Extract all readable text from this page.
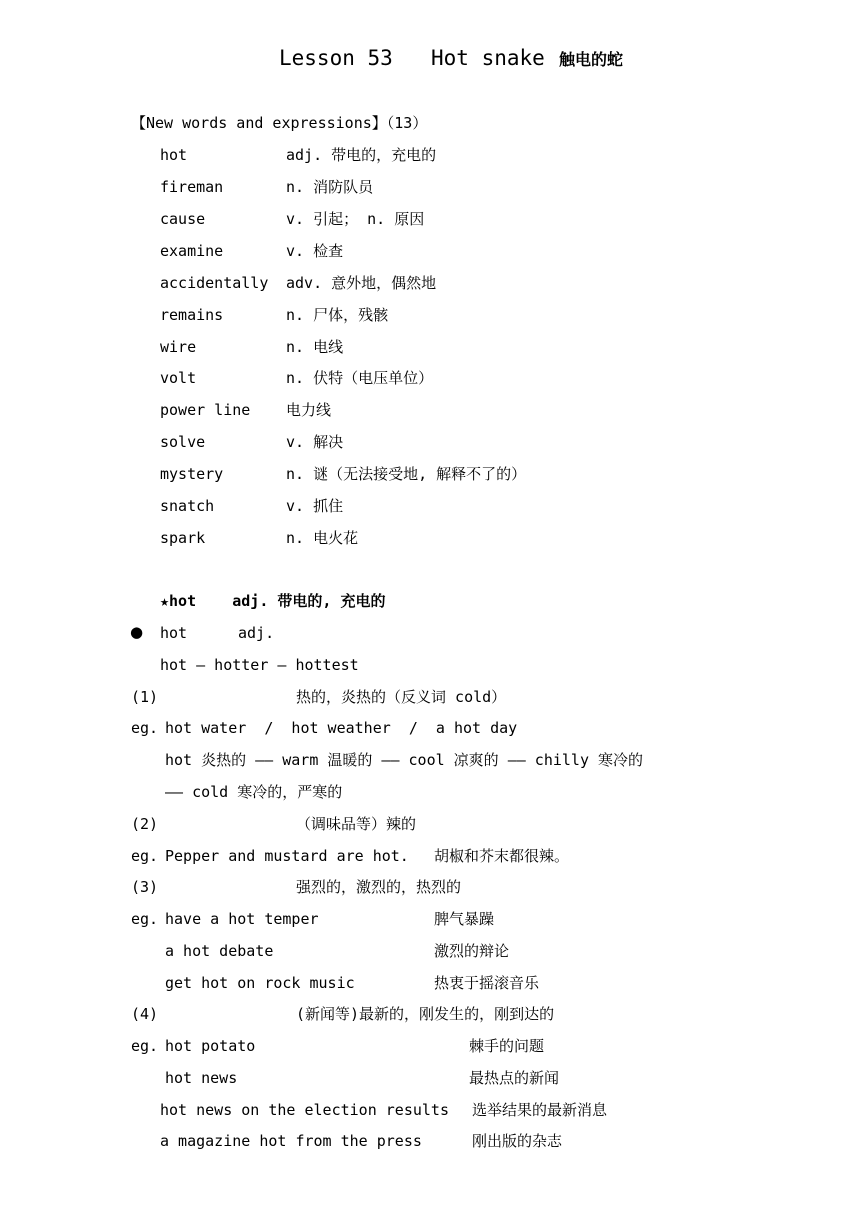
Lesson 53 Hot snake 触电的蛇
【New words and expressions】（13）
hot	adj. 带电的，充电的
fireman	n. 消防队员
cause	v. 引起； n. 原因
examine	v. 检查
accidentally adv. 意外地，偶然地
remains	n. 尸体，残骸
wire	n. 电线
volt	n. 伏特（电压单位）
power line 电力线
solve	v. 解决
mystery	n. 谜（无法接受地, 解释不了的）
snatch	v. 抓住
spark	n. 电火花
★hot    adj. 带电的, 充电的
● hot	adj.
hot – hotter – hottest
(1)	热的，炎热的（反义词 cold）
eg. hot water  /  hot weather  /  a hot day
hot 炎热的 —— warm 温暖的 —— cool 凉爽的 —— chilly 寒冷的
—— cold 寒冷的，严寒的
(2)	（调味品等）辣的
eg. Pepper and mustard are hot. 胡椒和芥末都很辣。
(3)	强烈的，激烈的，热烈的
eg. have a hot temper	脾气暴躁
a hot debate	激烈的辩论
get hot on rock music	热衷于摇滚音乐
(4)	(新闻等)最新的，刚发生的，刚到达的
eg. hot potato	棘手的问题
hot news	最热点的新闻
hot news on the election results 选举结果的最新消息
a magazine hot from the press	刚出版的杂志
